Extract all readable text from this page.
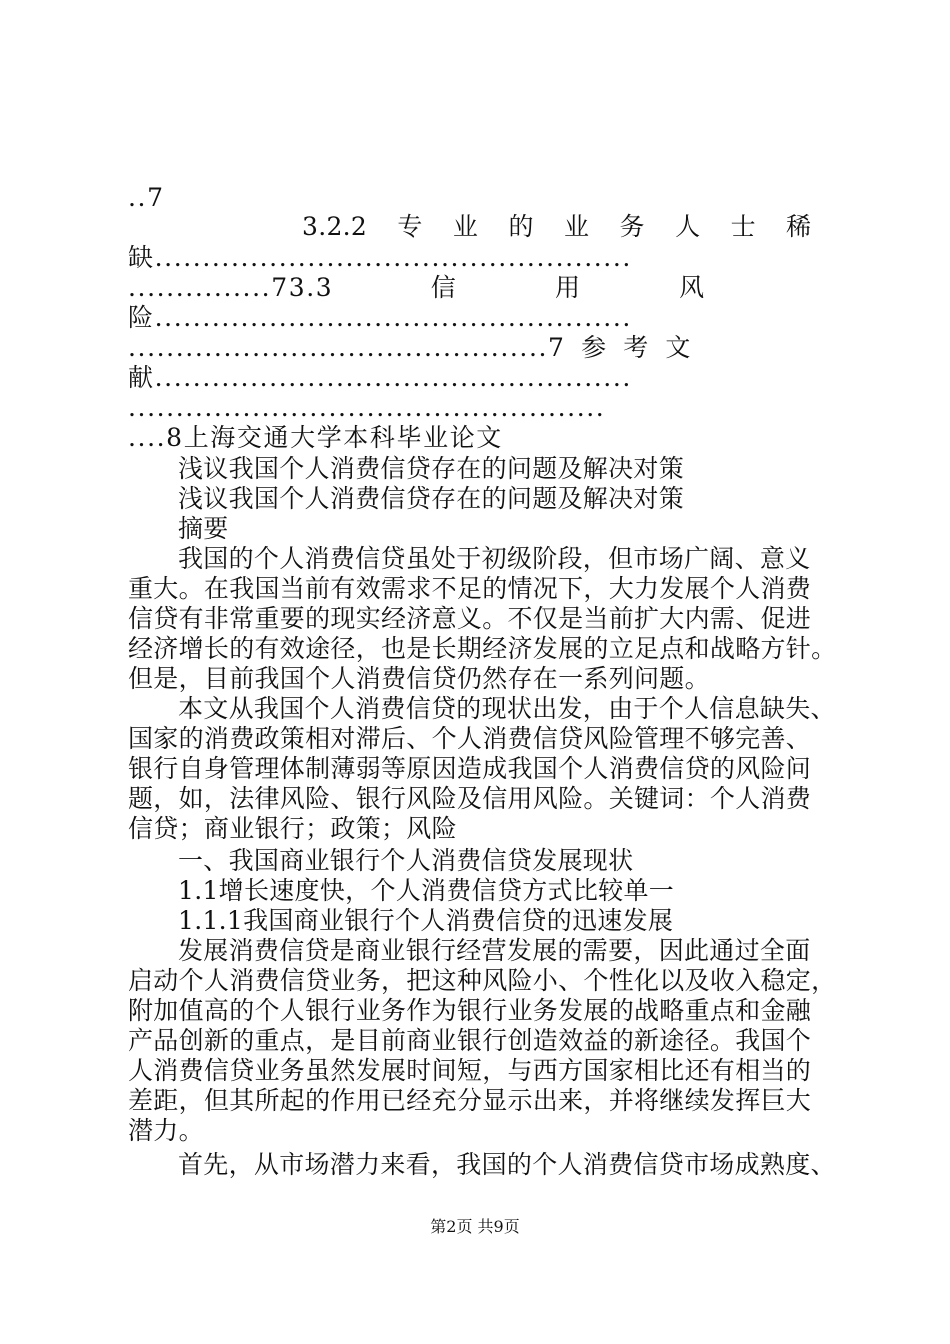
..7
3.2.2 专 业 的 业 务 人 士 稀
缺..................................................
...............73.3 信 用 风
险..................................................
............................................7 参 考 文
献..................................................
..................................................
....8上海交通大学本科毕业论文
浅议我国个人消费信贷存在的问题及解决对策
浅议我国个人消费信贷存在的问题及解决对策
摘要
我国的个人消费信贷虽处于初级阶段，但市场广阔、意义
重大。在我国当前有效需求不足的情况下，大力发展个人消费
信贷有非常重要的现实经济意义。不仅是当前扩大内需、促进
经济增长的有效途径，也是长期经济发展的立足点和战略方针。
但是，目前我国个人消费信贷仍然存在一系列问题。
本文从我国个人消费信贷的现状出发，由于个人信息缺失、
国家的消费政策相对滞后、个人消费信贷风险管理不够完善、
银行自身管理体制薄弱等原因造成我国个人消费信贷的风险问
题，如，法律风险、银行风险及信用风险。关键词：个人消费
信贷；商业银行；政策；风险
一、我国商业银行个人消费信贷发展现状
1.1增长速度快，个人消费信贷方式比较单一
1.1.1我国商业银行个人消费信贷的迅速发展
发展消费信贷是商业银行经营发展的需要，因此通过全面
启动个人消费信贷业务，把这种风险小、个性化以及收入稳定，
附加值高的个人银行业务作为银行业务发展的战略重点和金融
产品创新的重点，是目前商业银行创造效益的新途径。我国个
人消费信贷业务虽然发展时间短，与西方国家相比还有相当的
差距，但其所起的作用已经充分显示出来，并将继续发挥巨大
潜力。
首先，从市场潜力来看，我国的个人消费信贷市场成熟度、
第2页 共9页
